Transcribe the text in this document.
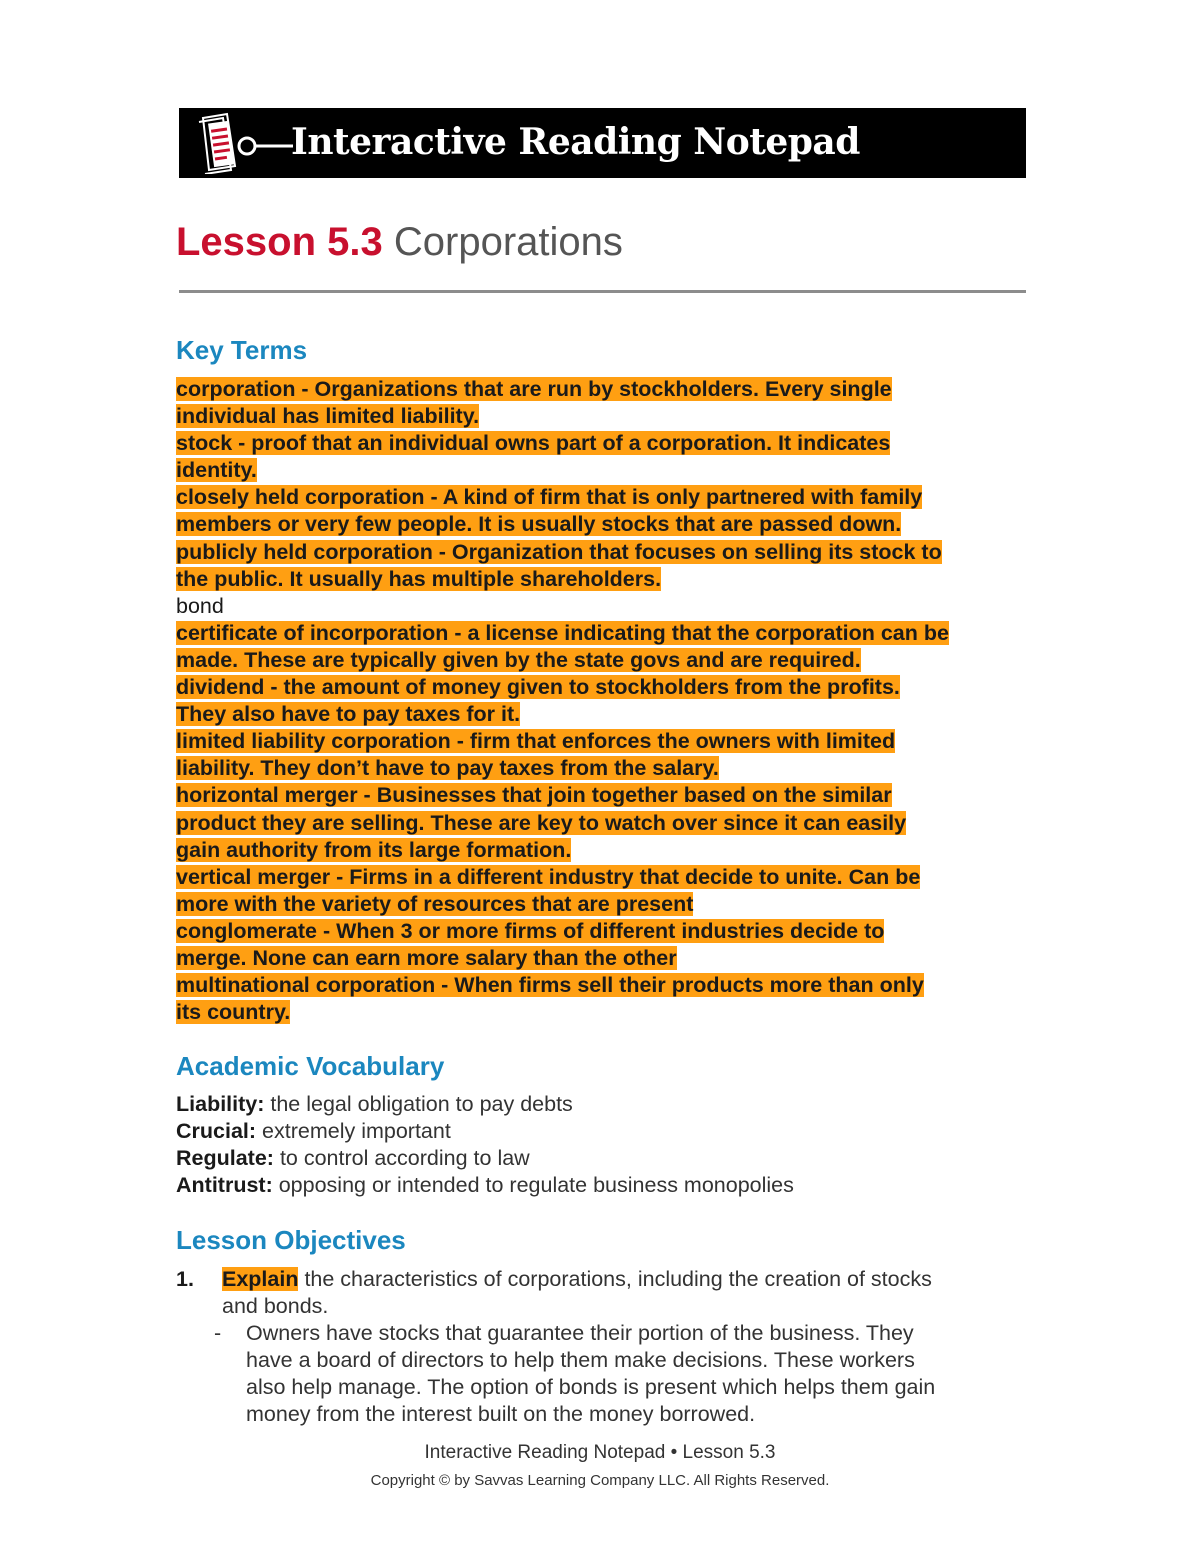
Interactive Reading Notepad
Lesson 5.3 Corporations
Key Terms
corporation - Organizations that are run by stockholders. Every single
individual has limited liability.
stock - proof that an individual owns part of a corporation. It indicates
identity.
closely held corporation - A kind of firm that is only partnered with family
members or very few people. It is usually stocks that are passed down.
publicly held corporation - Organization that focuses on selling its stock to
the public. It usually has multiple shareholders.
bond
certificate of incorporation - a license indicating that the corporation can be
made. These are typically given by the state govs and are required.
dividend - the amount of money given to stockholders from the profits.
They also have to pay taxes for it.
limited liability corporation - firm that enforces the owners with limited
liability. They don’t have to pay taxes from the salary.
horizontal merger - Businesses that join together based on the similar
product they are selling. These are key to watch over since it can easily
gain authority from its large formation.
vertical merger - Firms in a different industry that decide to unite. Can be
more with the variety of resources that are present
conglomerate - When 3 or more firms of different industries decide to
merge. None can earn more salary than the other
multinational corporation - When firms sell their products more than only
its country.
Academic Vocabulary
Liability: the legal obligation to pay debts
Crucial: extremely important
Regulate: to control according to law
Antitrust: opposing or intended to regulate business monopolies
Lesson Objectives
1. Explain the characteristics of corporations, including the creation of stocks
and bonds.
- Owners have stocks that guarantee their portion of the business. They
have a board of directors to help them make decisions. These workers
also help manage. The option of bonds is present which helps them gain
money from the interest built on the money borrowed.
Interactive Reading Notepad • Lesson 5.3
Copyright © by Savvas Learning Company LLC. All Rights Reserved.
